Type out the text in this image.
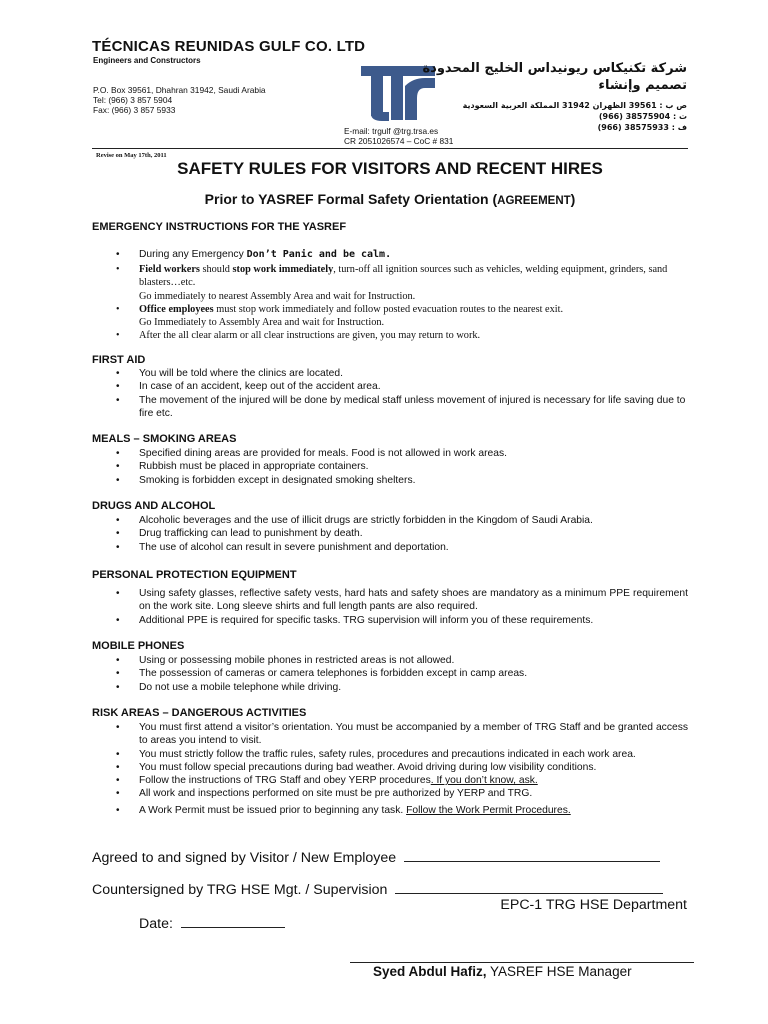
TÉCNICAS REUNIDAS GULF CO. LTD
Engineers and Constructors
P.O. Box 39561, Dhahran 31942, Saudi Arabia
Tel: (966) 3 857 5904
Fax: (966) 3 857 5933
E-mail: trgulf @trg.trsa.es
CR 2051026574 – CoC # 831
شركة تكنيكاس ريونيداس الخليج المحدودة
تصميم وإنشاء
ص ب : 39561 الظهران 31942 المملكة العربية السعودية
ت : 38575904 (966)
ف : 38575933 (966)
Revise on May 17th, 2011
SAFETY RULES FOR VISITORS AND RECENT HIRES
Prior to YASREF Formal Safety Orientation (AGREEMENT)
EMERGENCY INSTRUCTIONS FOR THE YASREF
• During any Emergency Don’t Panic and be calm.
• Field workers should stop work immediately, turn-off all ignition sources such as vehicles, welding equipment, grinders, sand blasters…etc.
Go immediately to nearest Assembly Area and wait for Instruction.
• Office employees must stop work immediately and follow posted evacuation routes to the nearest exit.
Go Immediately to Assembly Area and wait for Instruction.
• After the all clear alarm or all clear instructions are given, you may return to work.
FIRST AID
• You will be told where the clinics are located.
• In case of an accident, keep out of the accident area.
• The movement of the injured will be done by medical staff unless movement of injured is necessary for life saving due to fire etc.
MEALS – SMOKING AREAS
• Specified dining areas are provided for meals. Food is not allowed in work areas.
• Rubbish must be placed in appropriate containers.
• Smoking is forbidden except in designated smoking shelters.
DRUGS AND ALCOHOL
• Alcoholic beverages and the use of illicit drugs are strictly forbidden in the Kingdom of Saudi Arabia.
• Drug trafficking can lead to punishment by death.
• The use of alcohol can result in severe punishment and deportation.
PERSONAL PROTECTION EQUIPMENT
• Using safety glasses, reflective safety vests, hard hats and safety shoes are mandatory as a minimum PPE requirement on the work site. Long sleeve shirts and full length pants are also required.
• Additional PPE is required for specific tasks. TRG supervision will inform you of these requirements.
MOBILE PHONES
• Using or possessing mobile phones in restricted areas is not allowed.
• The possession of cameras or camera telephones is forbidden except in camp areas.
• Do not use a mobile telephone while driving.
RISK AREAS – DANGEROUS ACTIVITIES
• You must first attend a visitor’s orientation. You must be accompanied by a member of TRG Staff and be granted access to areas you intend to visit.
• You must strictly follow the traffic rules, safety rules, procedures and precautions indicated in each work area.
• You must follow special precautions during bad weather. Avoid driving during low visibility conditions.
• Follow the instructions of TRG Staff and obey YERP procedures. If you don’t know, ask.
• All work and inspections performed on site must be pre authorized by YERP and TRG.
• A Work Permit must be issued prior to beginning any task. Follow the Work Permit Procedures.
Agreed to and signed by Visitor / New Employee
Countersigned by TRG HSE Mgt. / Supervision
EPC-1 TRG HSE Department
Date:
Syed Abdul Hafiz, YASREF HSE Manager
